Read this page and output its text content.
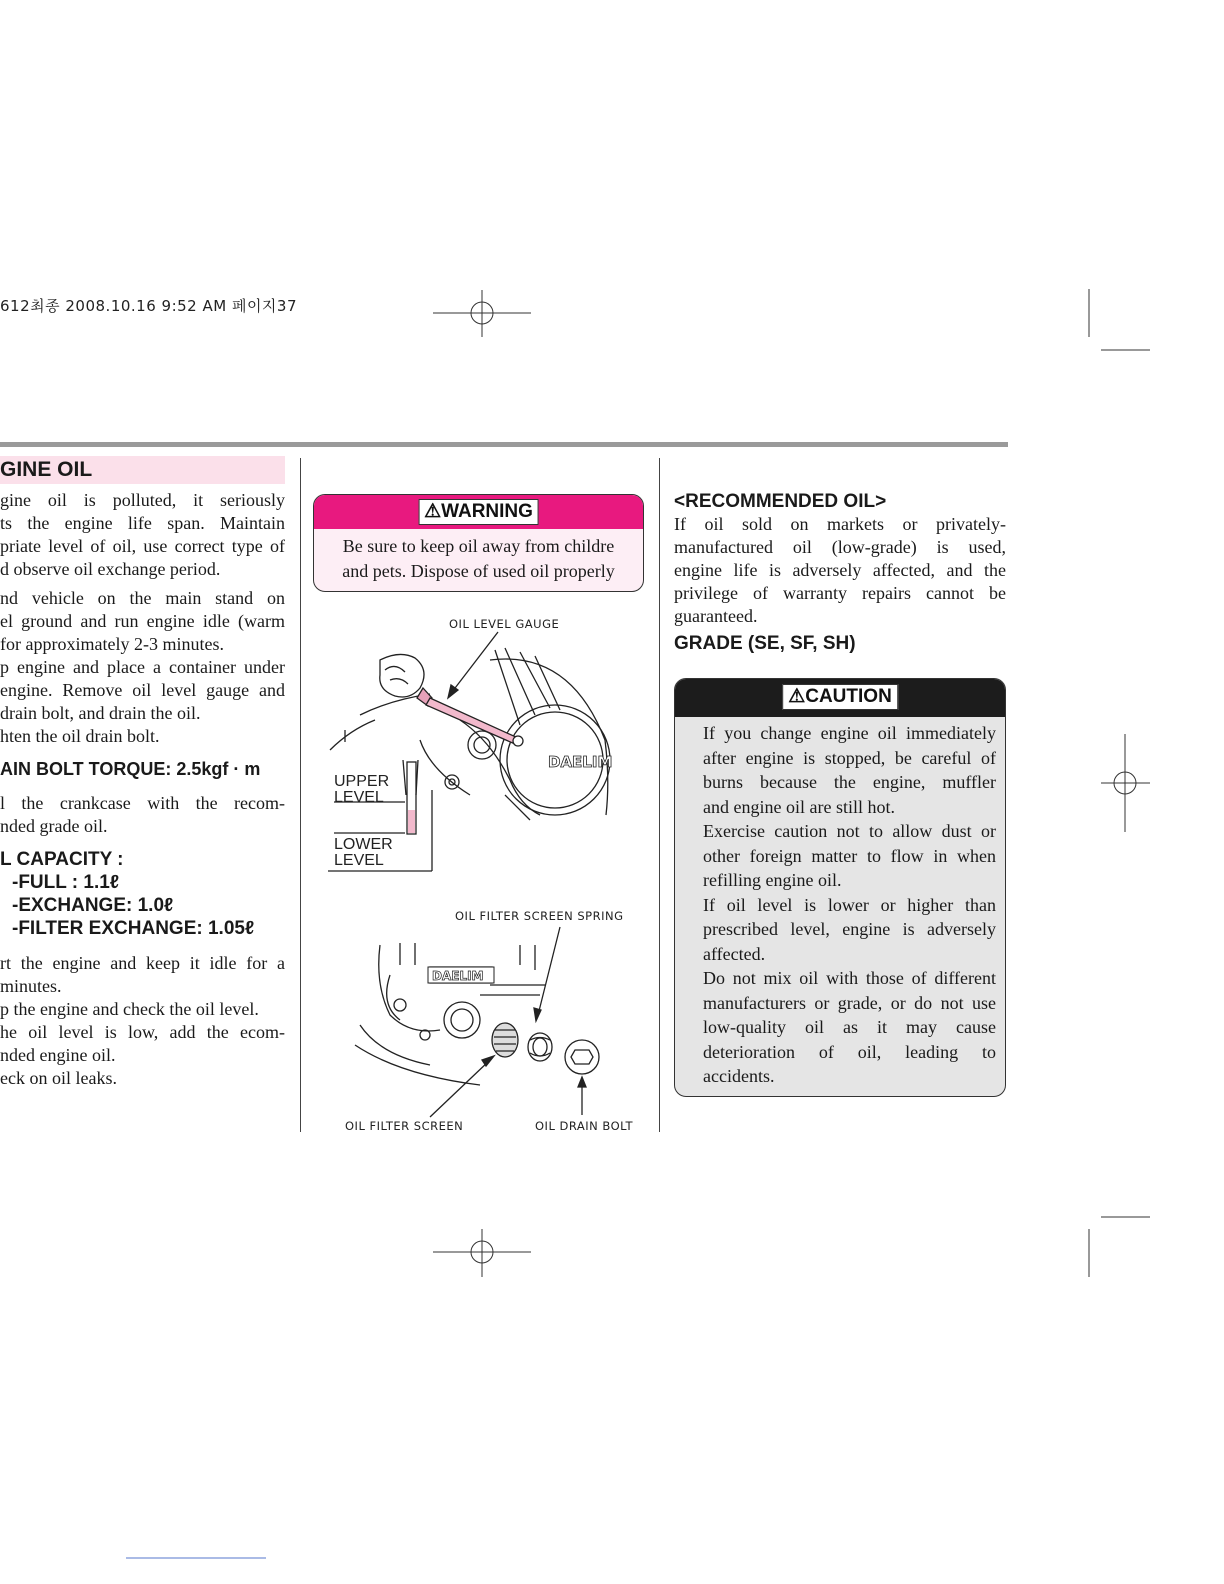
612최종 2008.10.16 9:52 AM 페이지37
GINE OIL

gine oil is polluted, it seriously

ts the engine life span. Maintain

priate level of oil, use correct type of

d observe oil exchange period.

nd vehicle on the main stand on

el ground and run engine idle (warm

for approximately 2-3 minutes.

p engine and place a container under

engine. Remove oil level gauge and

drain bolt, and drain the oil.

hten the oil drain bolt.

AIN BOLT TORQUE: 2.5kgf · m

l the crankcase with the recom-

nded grade oil.

L CAPACITY :
-FULL : 1.1ℓ
-EXCHANGE: 1.0ℓ
-FILTER EXCHANGE: 1.05ℓ

rt the engine and keep it idle for a

minutes.

p the engine and check the oil level.

he oil level is low, add the ecom-

nded engine oil.

eck on oil leaks.

⚠WARNING
Be sure to keep oil away from childre
and pets. Dispose of used oil properly
OIL LEVEL GAUGE
DAELIM
UPPER
LEVEL
LOWER
LEVEL
OIL FILTER SCREEN SPRING
DAELIM
OIL FILTER SCREEN	OIL DRAIN BOLT
<RECOMMENDED OIL>

If oil sold on markets or privately-

manufactured oil (low-grade) is used,

engine life is adversely affected, and the

privilege of warranty repairs cannot be

guaranteed.

GRADE (SE, SF, SH)
⚠CAUTION

If you change engine oil immediately

after engine is stopped, be careful of

burns because the engine, muffler

and engine oil are still hot.

Exercise caution not to allow dust or

other foreign matter to flow in when

refilling engine oil.

If oil level is lower or higher than

prescribed level, engine is adversely

affected.

Do not mix oil with those of different

manufacturers or grade, or do not use

low-quality oil as it may cause

deterioration of oil, leading to

accidents.
